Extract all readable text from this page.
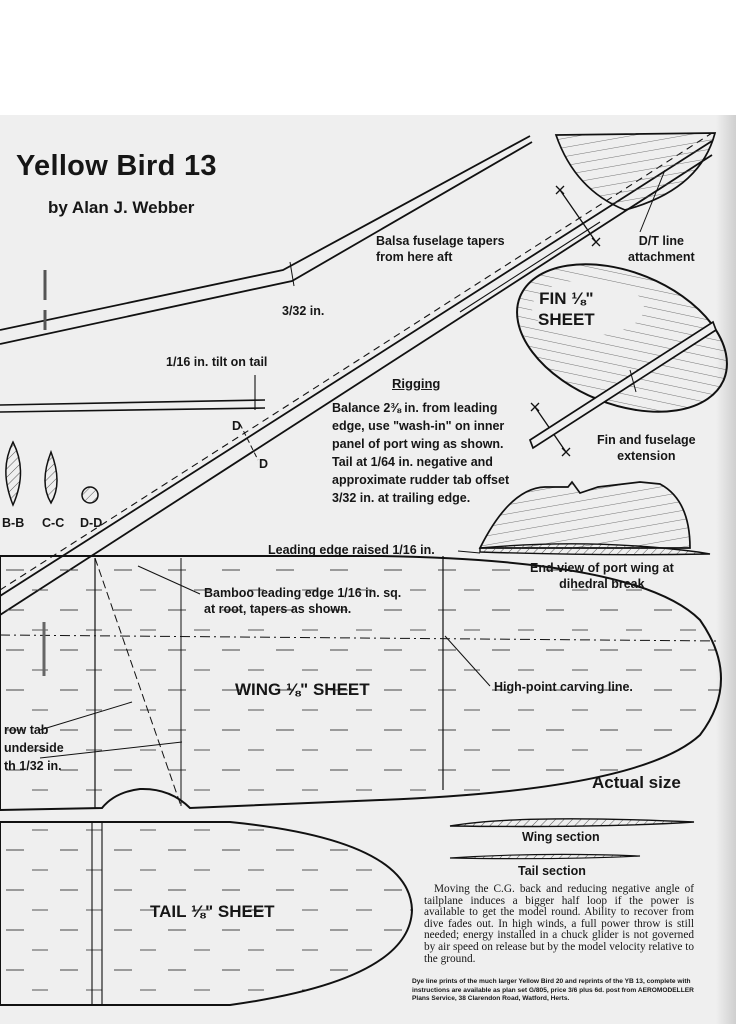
Yellow Bird 13
by Alan J. Webber
Balsa fuselage tapers
from here aft
D/T line
attachment
3/32 in.
FIN ⅛"
SHEET
1/16 in. tilt on tail
Fin and fuselage
extension
B-B C-C D-D
D
D
Rigging
Balance 2⅜ in. from leading
edge, use "wash-in" on inner
panel of port wing as shown.
Tail at 1/64 in. negative and
approximate rudder tab offset
3/32 in. at trailing edge.
Leading edge raised 1/16 in.
End view of port wing at
dihedral break
Bamboo leading edge 1/16 in. sq.
at root, tapers as shown.
WING ⅛" SHEET	High-point carving line.
row tab
underside
th 1/32 in.
Actual size
Wing section
Tail section
TAIL ⅛" SHEET
Moving the C.G. back and reducing negative angle of tailplane induces a bigger half loop if the power is available to get the model round. Ability to recover from dive fades out. In high winds, a full power throw is still needed; energy installed in a chuck glider is not governed by air speed on release but by the model velocity relative to the ground.
Dye line prints of the much larger Yellow Bird 20 and reprints of the YB 13, complete with instructions are available as plan set G/805, price 3/6 plus 6d. post from AEROMODELLER Plans Service, 38 Clarendon Road, Watford, Herts.
